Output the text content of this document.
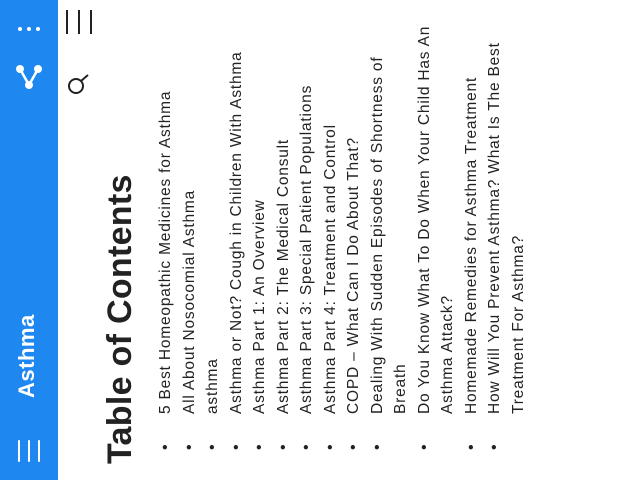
Asthma Table of Contents • 5 Best Homeopathic Medicines for Asthma • All About Nosocomial Asthma • asthma • Asthma or Not? Cough in Children With Asthma • Asthma Part 1: An Overview • Asthma Part 2: The Medical Consult • Asthma Part 3: Special Patient Populations • Asthma Part 4: Treatment and Control • COPD – What Can I Do About That? • Dealing With Sudden Episodes of Shortness of Breath • Do You Know What To Do When Your Child Has An Asthma Attack? • Homemade Remedies for Asthma Treatment • How Will You Prevent Asthma? What Is The Best Treatment For Asthma?
